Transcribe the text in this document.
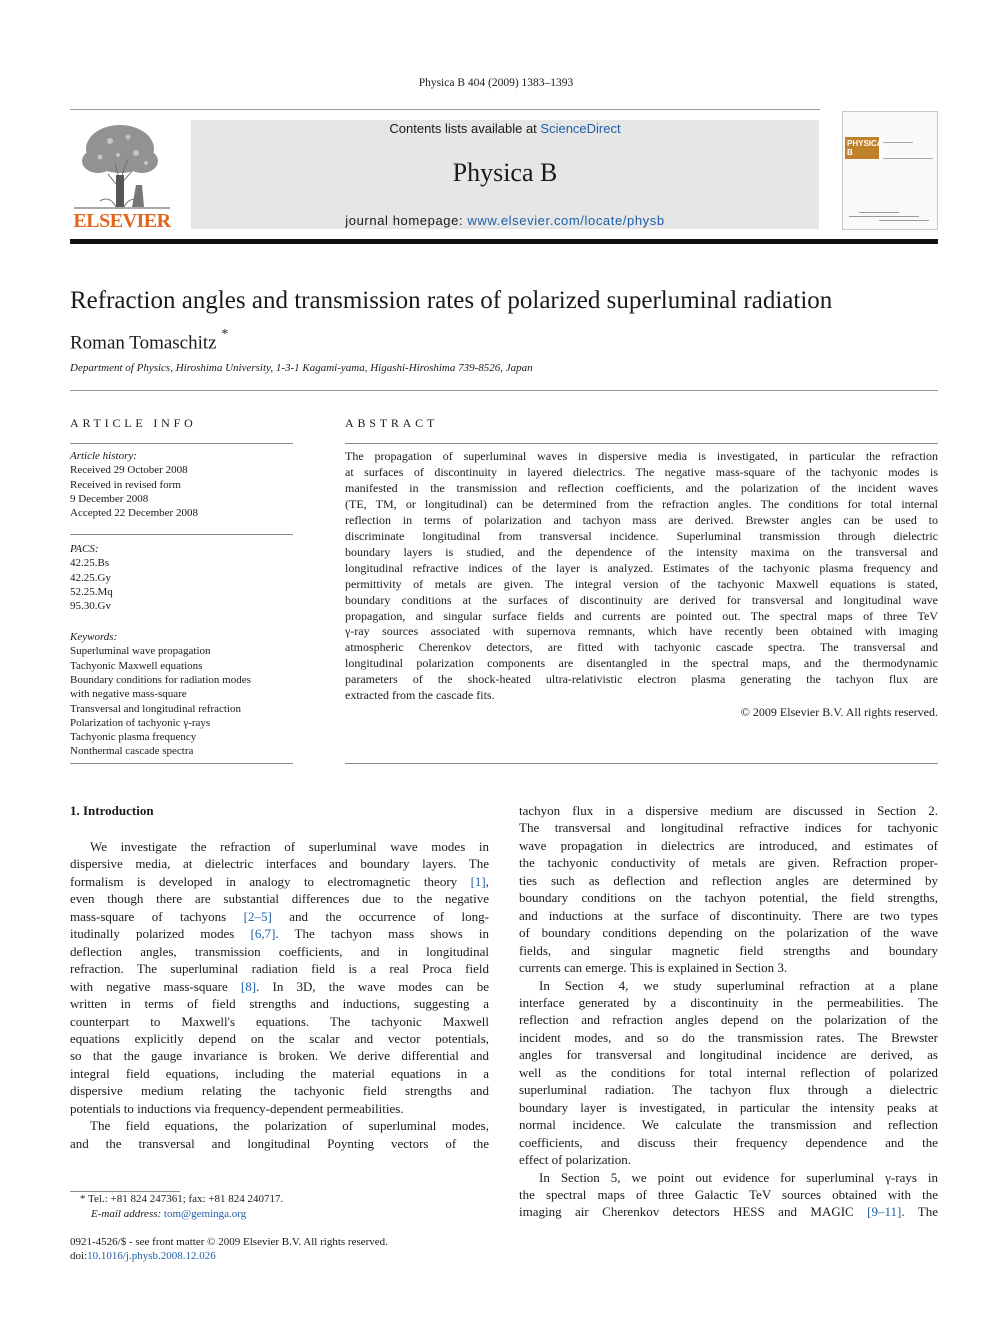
Physica B 404 (2009) 1383–1393
ELSEVIER
Contents lists available at ScienceDirect
Physica B
journal homepage: www.elsevier.com/locate/physb
PHYSICA B
Refraction angles and transmission rates of polarized superluminal radiation
Roman Tomaschitz *
Department of Physics, Hiroshima University, 1-3-1 Kagami-yama, Higashi-Hiroshima 739-8526, Japan
ARTICLE INFO
Article history:
Received 29 October 2008
Received in revised form
9 December 2008
Accepted 22 December 2008
PACS:
42.25.Bs
42.25.Gy
52.25.Mq
95.30.Gv
Keywords:
Superluminal wave propagation
Tachyonic Maxwell equations
Boundary conditions for radiation modes
with negative mass-square
Transversal and longitudinal refraction
Polarization of tachyonic γ-rays
Tachyonic plasma frequency
Nonthermal cascade spectra
ABSTRACT
The propagation of superluminal waves in dispersive media is investigated, in particular the refraction
at surfaces of discontinuity in layered dielectrics. The negative mass-square of the tachyonic modes is
manifested in the transmission and reflection coefficients, and the polarization of the incident waves
(TE, TM, or longitudinal) can be determined from the refraction angles. The conditions for total internal
reflection in terms of polarization and tachyon mass are derived. Brewster angles can be used to
discriminate longitudinal from transversal incidence. Superluminal transmission through dielectric
boundary layers is studied, and the dependence of the intensity maxima on the transversal and
longitudinal refractive indices of the layer is analyzed. Estimates of the tachyonic plasma frequency and
permittivity of metals are given. The integral version of the tachyonic Maxwell equations is stated,
boundary conditions at the surfaces of discontinuity are derived for transversal and longitudinal wave
propagation, and singular surface fields and currents are pointed out. The spectral maps of three TeV
γ-ray sources associated with supernova remnants, which have recently been obtained with imaging
atmospheric Cherenkov detectors, are fitted with tachyonic cascade spectra. The transversal and
longitudinal polarization components are disentangled in the spectral maps, and the thermodynamic
parameters of the shock-heated ultra-relativistic electron plasma generating the tachyon flux are
extracted from the cascade fits.
© 2009 Elsevier B.V. All rights reserved.
1. Introduction
We investigate the refraction of superluminal wave modes in
dispersive media, at dielectric interfaces and boundary layers. The
formalism is developed in analogy to electromagnetic theory [1],
even though there are substantial differences due to the negative
mass-square of tachyons [2–5] and the occurrence of long-
itudinally polarized modes [6,7]. The tachyon mass shows in
deflection angles, transmission coefficients, and in longitudinal
refraction. The superluminal radiation field is a real Proca field
with negative mass-square [8]. In 3D, the wave modes can be
written in terms of field strengths and inductions, suggesting a
counterpart to Maxwell's equations. The tachyonic Maxwell
equations explicitly depend on the scalar and vector potentials,
so that the gauge invariance is broken. We derive differential and
integral field equations, including the material equations in a
dispersive medium relating the tachyonic field strengths and
potentials to inductions via frequency-dependent permeabilities.
The field equations, the polarization of superluminal modes,
and the transversal and longitudinal Poynting vectors of the
tachyon flux in a dispersive medium are discussed in Section 2.
The transversal and longitudinal refractive indices for tachyonic
wave propagation in dielectrics are introduced, and estimates of
the tachyonic conductivity of metals are given. Refraction proper-
ties such as deflection and reflection angles are determined by
boundary conditions on the tachyon potential, the field strengths,
and inductions at the surface of discontinuity. There are two types
of boundary conditions depending on the polarization of the wave
fields, and singular magnetic field strengths and boundary
currents can emerge. This is explained in Section 3.
In Section 4, we study superluminal refraction at a plane
interface generated by a discontinuity in the permeabilities. The
reflection and refraction angles depend on the polarization of the
incident modes, and so do the transmission rates. The Brewster
angles for transversal and longitudinal incidence are derived, as
well as the conditions for total internal reflection of polarized
superluminal radiation. The tachyon flux through a dielectric
boundary layer is investigated, in particular the intensity peaks at
normal incidence. We calculate the transmission and reflection
coefficients, and discuss their frequency dependence and the
effect of polarization.
In Section 5, we point out evidence for superluminal γ-rays in
the spectral maps of three Galactic TeV sources obtained with the
imaging air Cherenkov detectors HESS and MAGIC [9–11]. The
* Tel.: +81 824 247361; fax: +81 824 240717.
E-mail address: tom@geminga.org
0921-4526/$ - see front matter © 2009 Elsevier B.V. All rights reserved.
doi:10.1016/j.physb.2008.12.026
